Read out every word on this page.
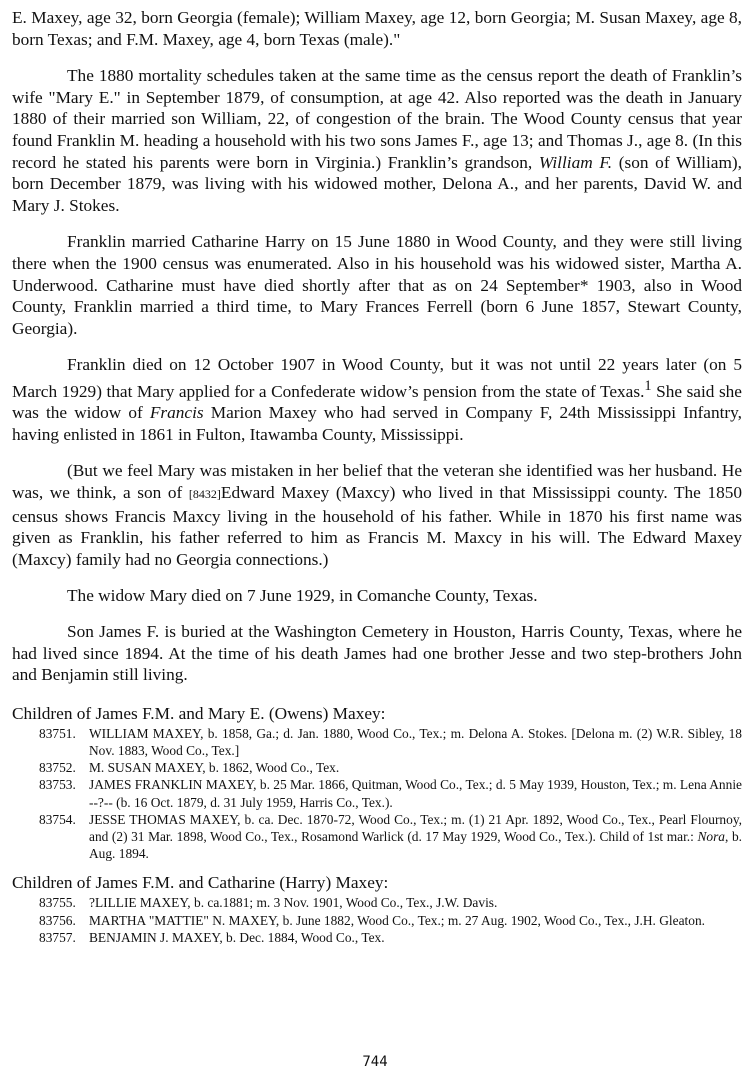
E. Maxey, age 32, born Georgia (female); William Maxey, age 12, born Georgia; M. Susan Maxey, age 8, born Texas; and F.M. Maxey, age 4, born Texas (male)."

The 1880 mortality schedules taken at the same time as the census report the death of Franklin’s wife "Mary E." in September 1879, of consumption, at age 42. Also reported was the death in January 1880 of their married son William, 22, of congestion of the brain. The Wood County census that year found Franklin M. heading a household with his two sons James F., age 13; and Thomas J., age 8. (In this record he stated his parents were born in Virginia.) Franklin’s grandson, William F. (son of William), born December 1879, was living with his widowed mother, Delona A., and her parents, David W. and Mary J. Stokes.

Franklin married Catharine Harry on 15 June 1880 in Wood County, and they were still living there when the 1900 census was enumerated. Also in his household was his widowed sister, Martha A. Underwood. Catharine must have died shortly after that as on 24 September* 1903, also in Wood County, Franklin married a third time, to Mary Frances Ferrell (born 6 June 1857, Stewart County, Georgia).

Franklin died on 12 October 1907 in Wood County, but it was not until 22 years later (on 5 March 1929) that Mary applied for a Confederate widow’s pension from the state of Texas.$^1$ She said she was the widow of Francis Marion Maxey who had served in Company F, 24th Mississippi Infantry, having enlisted in 1861 in Fulton, Itawamba County, Mississippi.

(But we feel Mary was mistaken in her belief that the veteran she identified was her husband. He was, we think, a son of [8432]Edward Maxey (Maxcy) who lived in that Mississippi county. The 1850 census shows Francis Maxcy living in the household of his father. While in 1870 his first name was given as Franklin, his father referred to him as Francis M. Maxcy in his will. The Edward Maxey (Maxcy) family had no Georgia connections.)

The widow Mary died on 7 June 1929, in Comanche County, Texas.

Son James F. is buried at the Washington Cemetery in Houston, Harris County, Texas, where he had lived since 1894. At the time of his death James had one brother Jesse and two step-brothers John and Benjamin still living.

Children of James F.M. and Mary E. (Owens) Maxey:
83751. WILLIAM MAXEY, b. 1858, Ga.; d. Jan. 1880, Wood Co., Tex.; m. Delona A. Stokes. [Delona m. (2) W.R. Sibley, 18 Nov. 1883, Wood Co., Tex.]
83752. M. SUSAN MAXEY, b. 1862, Wood Co., Tex.
83753. JAMES FRANKLIN MAXEY, b. 25 Mar. 1866, Quitman, Wood Co., Tex.; d. 5 May 1939, Houston, Tex.; m. Lena Annie --?-- (b. 16 Oct. 1879, d. 31 July 1959, Harris Co., Tex.).
83754. JESSE THOMAS MAXEY, b. ca. Dec. 1870-72, Wood Co., Tex.; m. (1) 21 Apr. 1892, Wood Co., Tex., Pearl Flournoy, and (2) 31 Mar. 1898, Wood Co., Tex., Rosamond Warlick (d. 17 May 1929, Wood Co., Tex.). Child of 1st mar.: Nora, b. Aug. 1894.
Children of James F.M. and Catharine (Harry) Maxey:
83755. ?LILLIE MAXEY, b. ca.1881; m. 3 Nov. 1901, Wood Co., Tex., J.W. Davis.
83756. MARTHA "MATTIE" N. MAXEY, b. June 1882, Wood Co., Tex.; m. 27 Aug. 1902, Wood Co., Tex., J.H. Gleaton.
83757. BENJAMIN J. MAXEY, b. Dec. 1884, Wood Co., Tex.
744
